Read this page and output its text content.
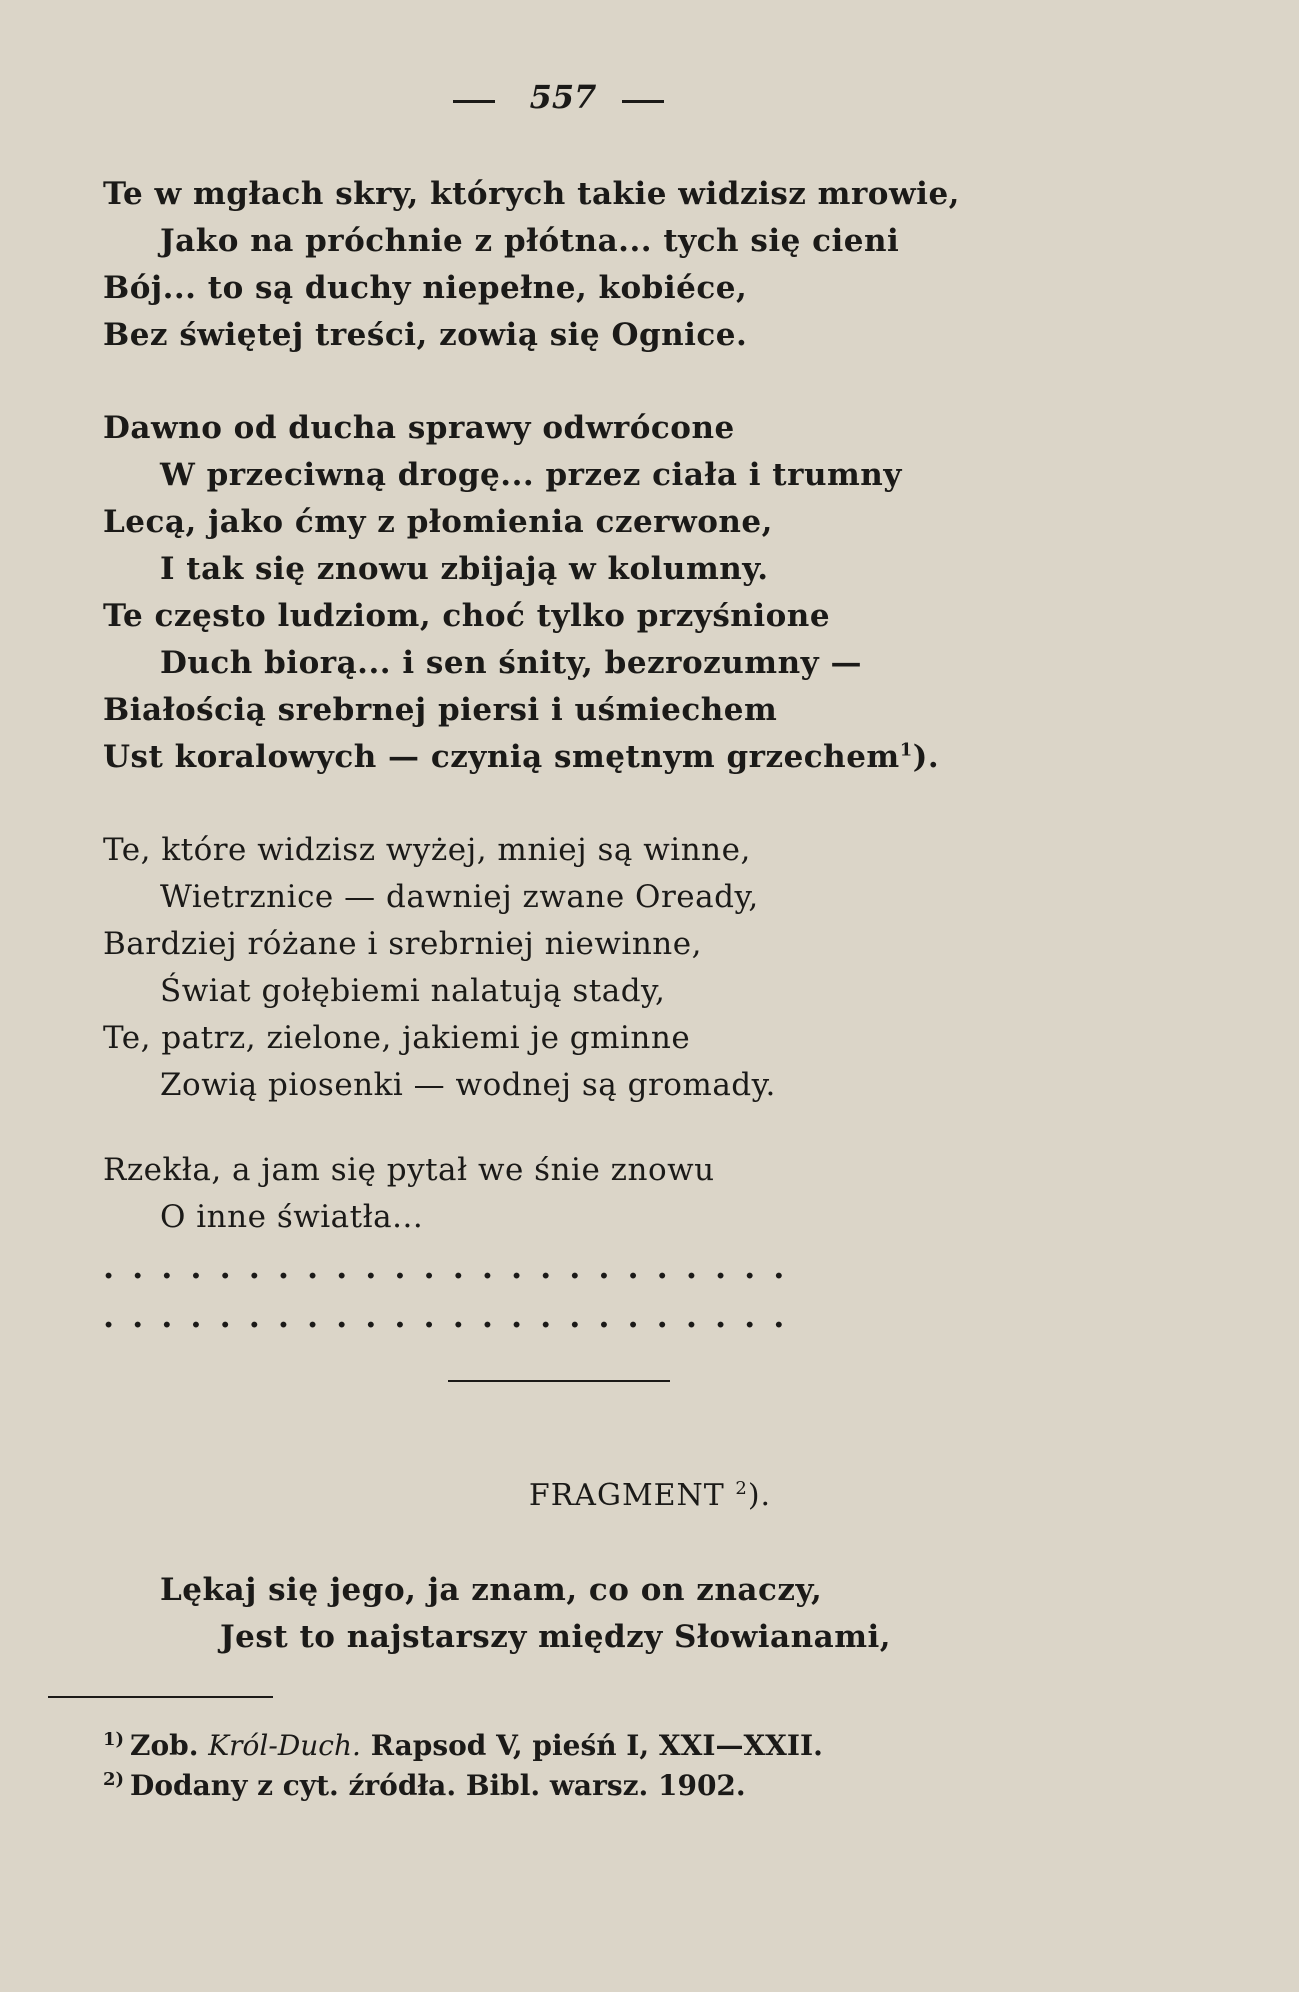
557
Te w mgłach skry, których takie widzisz mrowie,
Jako na próchnie z płótna... tych się cieni
Bój... to są duchy niepełne, kobiéce,
Bez świętej treści, zowią się Ognice.
Dawno od ducha sprawy odwrócone
W przeciwną drogę... przez ciała i trumny
Lecą, jako ćmy z płomienia czerwone,
I tak się znowu zbijają w kolumny.
Te często ludziom, choć tylko przyśnione
Duch biorą... i sen śnity, bezrozumny —
Białością srebrnej piersi i uśmiechem
Ust koralowych — czynią smętnym grzechem$^1$).
Te, które widzisz wyżej, mniej są winne,
Wietrznice — dawniej zwane Oready,
Bardziej różane i srebrniej niewinne,
Świat gołębiemi nalatują stady,
Te, patrz, zielone, jakiemi je gminne
Zowią piosenki — wodnej są gromady.
Rzekła, a jam się pytał we śnie znowu
O inne światła...
........................
........................
FRAGMENT $^2$).
Lękaj się jego, ja znam, co on znaczy,
Jest to najstarszy między Słowianami,
$^{1)}$ Zob. Król-Duch. Rapsod V, pieśń I, XXI—XXII.
$^{2)}$ Dodany z cyt. źródła. Bibl. warsz. 1902.
